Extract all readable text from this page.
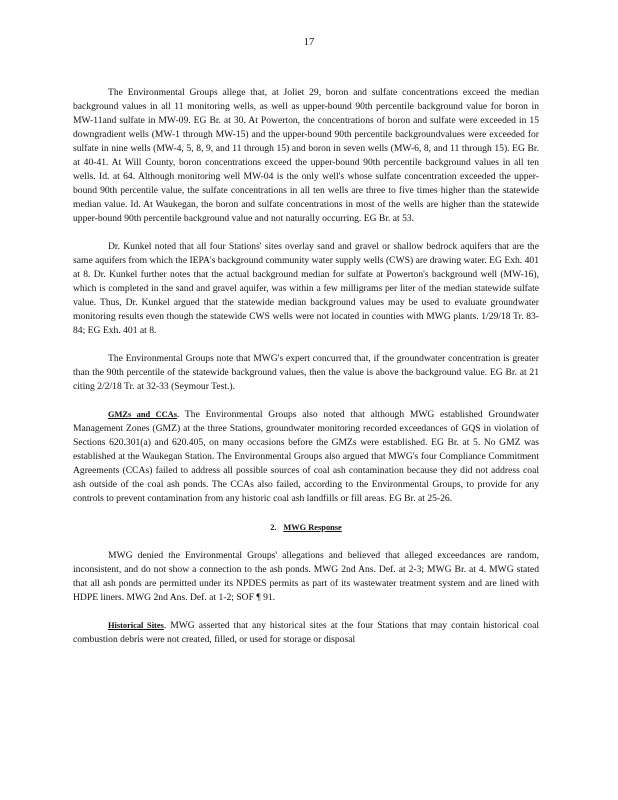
17

The Environmental Groups allege that, at Joliet 29, boron and sulfate concentrations exceed the median background values in all 11 monitoring wells, as well as upper-bound 90th percentile background value for boron in MW-11and sulfate in MW-09. EG Br. at 30. At Powerton, the concentrations of boron and sulfate were exceeded in 15 downgradient wells (MW-1 through MW-15) and the upper-bound 90th percentile backgroundvalues were exceeded for sulfate in nine wells (MW-4, 5, 8, 9, and 11 through 15) and boron in seven wells (MW-6, 8, and 11 through 15). EG Br. at 40-41. At Will County, boron concentrations exceed the upper-bound 90th percentile background values in all ten wells. Id. at 64. Although monitoring well MW-04 is the only well's whose sulfate concentration exceeded the upper-bound 90th percentile value, the sulfate concentrations in all ten wells are three to five times higher than the statewide median value. Id. At Waukegan, the boron and sulfate concentrations in most of the wells are higher than the statewide upper-bound 90th percentile background value and not naturally occurring. EG Br. at 53.

Dr. Kunkel noted that all four Stations' sites overlay sand and gravel or shallow bedrock aquifers that are the same aquifers from which the IEPA's background community water supply wells (CWS) are drawing water. EG Exh. 401 at 8. Dr. Kunkel further notes that the actual background median for sulfate at Powerton's background well (MW-16), which is completed in the sand and gravel aquifer, was within a few milligrams per liter of the median statewide sulfate value. Thus, Dr. Kunkel argued that the statewide median background values may be used to evaluate groundwater monitoring results even though the statewide CWS wells were not located in counties with MWG plants. 1/29/18 Tr. 83-84; EG Exh. 401 at 8.

The Environmental Groups note that MWG's expert concurred that, if the groundwater concentration is greater than the 90th percentile of the statewide background values, then the value is above the background value. EG Br. at 21 citing 2/2/18 Tr. at 32-33 (Seymour Test.).

GMZs and CCAs. The Environmental Groups also noted that although MWG established Groundwater Management Zones (GMZ) at the three Stations, groundwater monitoring recorded exceedances of GQS in violation of Sections 620.301(a) and 620.405, on many occasions before the GMZs were established. EG Br. at 5. No GMZ was established at the Waukegan Station. The Environmental Groups also argued that MWG's four Compliance Commitment Agreements (CCAs) failed to address all possible sources of coal ash contamination because they did not address coal ash outside of the coal ash ponds. The CCAs also failed, according to the Environmental Groups, to provide for any controls to prevent contamination from any historic coal ash landfills or fill areas. EG Br. at 25-26.

2. MWG Response

MWG denied the Environmental Groups' allegations and believed that alleged exceedances are random, inconsistent, and do not show a connection to the ash ponds. MWG 2nd Ans. Def. at 2-3; MWG Br. at 4. MWG stated that all ash ponds are permitted under its NPDES permits as part of its wastewater treatment system and are lined with HDPE liners. MWG 2nd Ans. Def. at 1-2; SOF ¶ 91.

Historical Sites. MWG asserted that any historical sites at the four Stations that may contain historical coal combustion debris were not created, filled, or used for storage or disposal
